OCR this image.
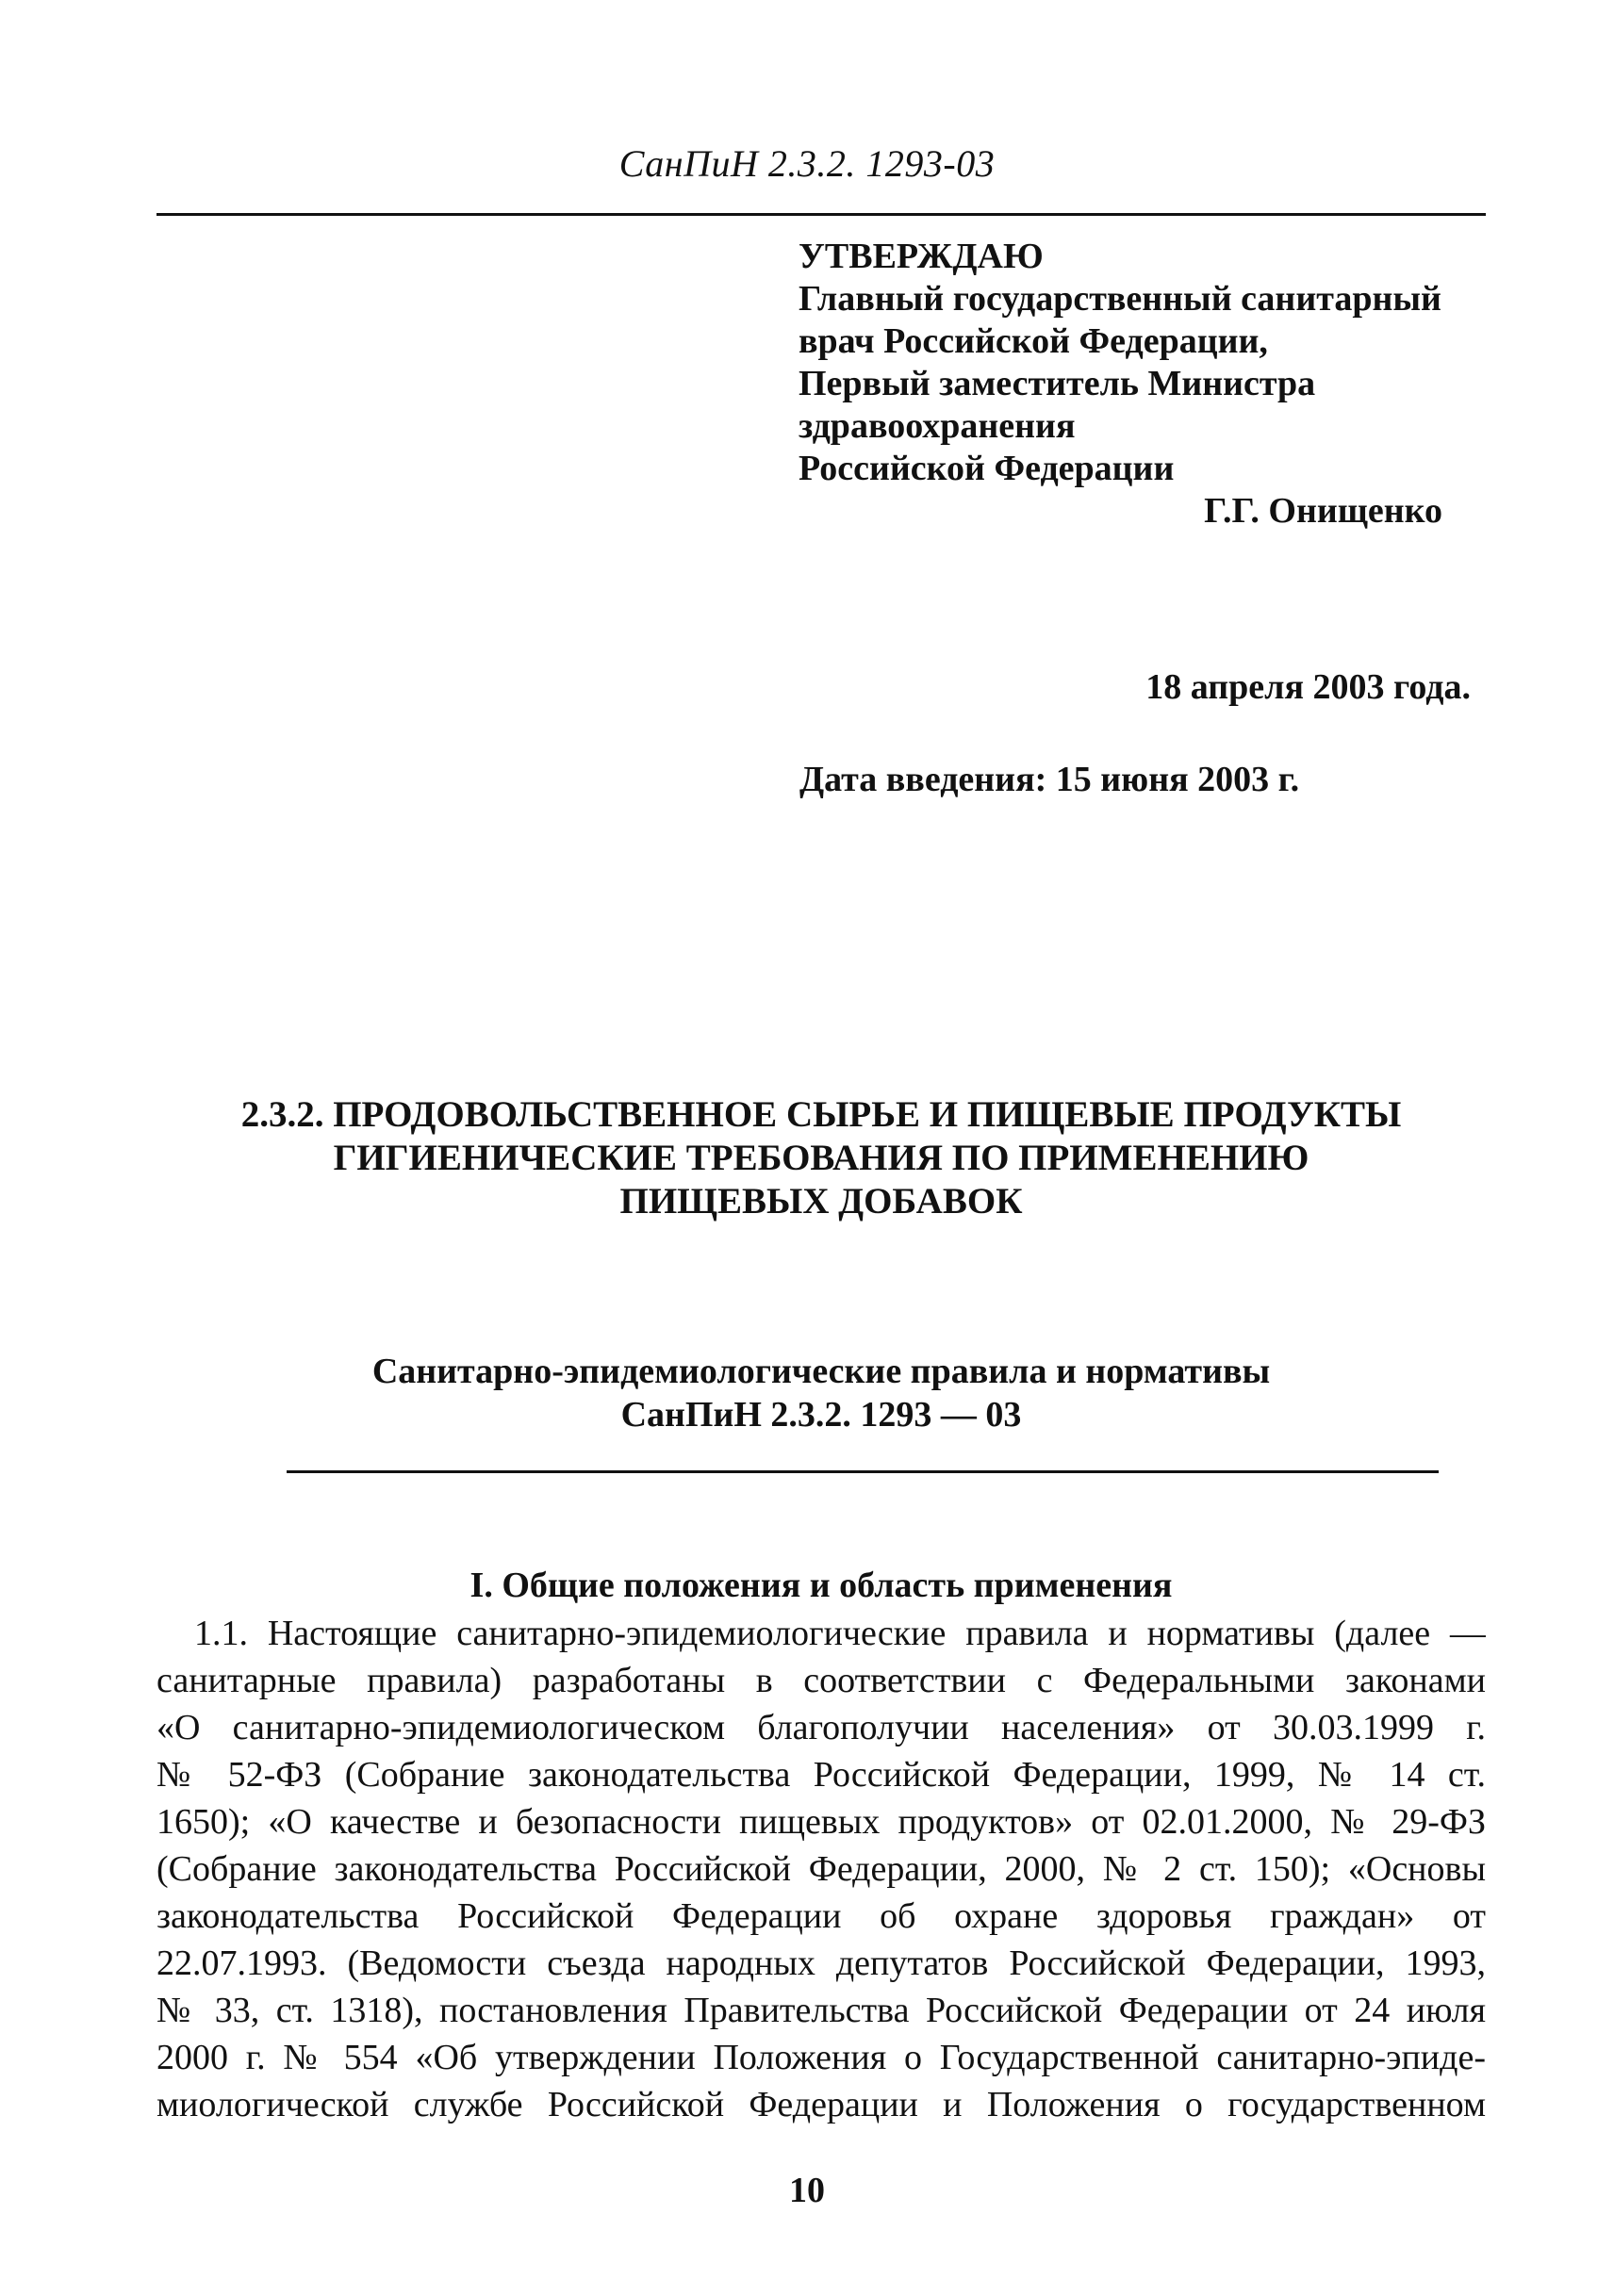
СанПиН 2.3.2. 1293-03
УТВЕРЖДАЮ
Главный государственный санитарный
врач Российской Федерации,
Первый заместитель Министра
здравоохранения
Российской Федерации
Г.Г. Онищенко
18 апреля 2003 года.
Дата введения: 15 июня 2003 г.
2.3.2. ПРОДОВОЛЬСТВЕННОЕ СЫРЬЕ И ПИЩЕВЫЕ ПРОДУКТЫ
ГИГИЕНИЧЕСКИЕ ТРЕБОВАНИЯ ПО ПРИМЕНЕНИЮ
ПИЩЕВЫХ ДОБАВОК
Санитарно-эпидемиологические правила и нормативы
СанПиН 2.3.2. 1293 — 03
I. Общие положения и область применения
1.1. Настоящие санитарно-эпидемиологические правила и нормативы (далее —
санитарные правила) разработаны в соответствии с Федеральными законами
«О санитарно-эпидемиологическом благополучии населения» от 30.03.1999 г.
№ 52-ФЗ (Собрание законодательства Российской Федерации, 1999, № 14 ст.
1650); «О качестве и безопасности пищевых продуктов» от 02.01.2000, № 29-ФЗ
(Собрание законодательства Российской Федерации, 2000, № 2 ст. 150); «Основы
законодательства Российской Федерации об охране здоровья граждан» от
22.07.1993. (Ведомости съезда народных депутатов Российской Федерации, 1993,
№ 33, ст. 1318), постановления Правительства Российской Федерации от 24 июля
2000 г. № 554 «Об утверждении Положения о Государственной санитарно-эпиде-
миологической службе Российской Федерации и Положения о государственном
10
